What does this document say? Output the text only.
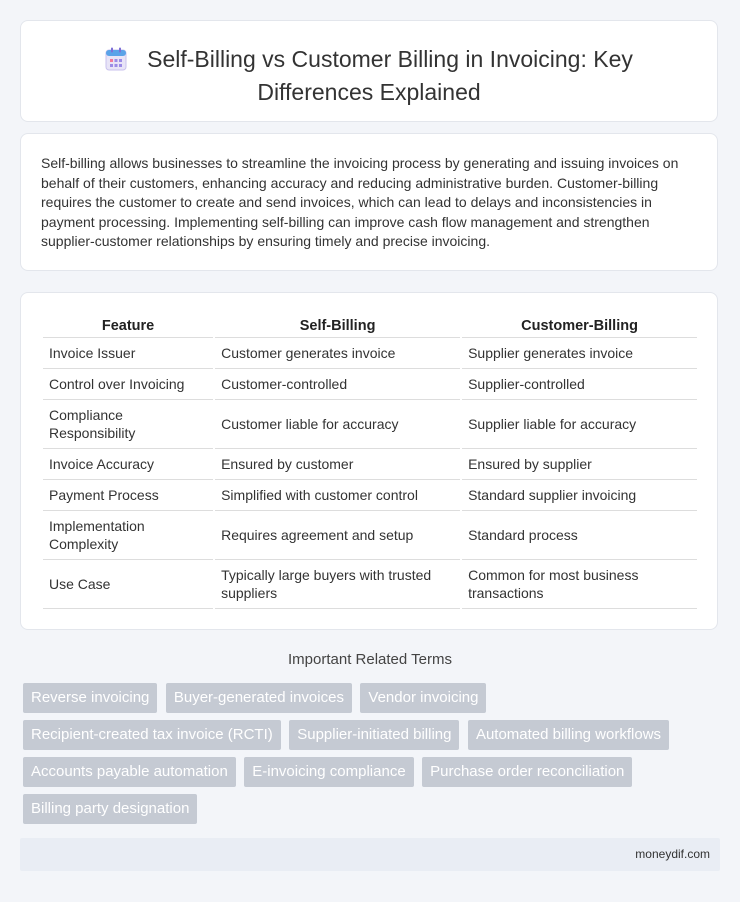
Self-Billing vs Customer Billing in Invoicing: Key Differences Explained
Self-billing allows businesses to streamline the invoicing process by generating and issuing invoices on behalf of their customers, enhancing accuracy and reducing administrative burden. Customer-billing requires the customer to create and send invoices, which can lead to delays and inconsistencies in payment processing. Implementing self-billing can improve cash flow management and strengthen supplier-customer relationships by ensuring timely and precise invoicing.
Feature	Self-Billing	Customer-Billing
Invoice Issuer	Customer generates invoice	Supplier generates invoice
Control over Invoicing	Customer-controlled	Supplier-controlled
Compliance Responsibility	Customer liable for accuracy	Supplier liable for accuracy
Invoice Accuracy	Ensured by customer	Ensured by supplier
Payment Process	Simplified with customer control	Standard supplier invoicing
Implementation Complexity	Requires agreement and setup	Standard process
Use Case	Typically large buyers with trusted suppliers	Common for most business transactions
Important Related Terms
Reverse invoicing Buyer-generated invoices Vendor invoicing
Recipient-created tax invoice (RCTI) Supplier-initiated billing Automated billing workflows
Accounts payable automation E-invoicing compliance Purchase order reconciliation
Billing party designation
moneydif.com
